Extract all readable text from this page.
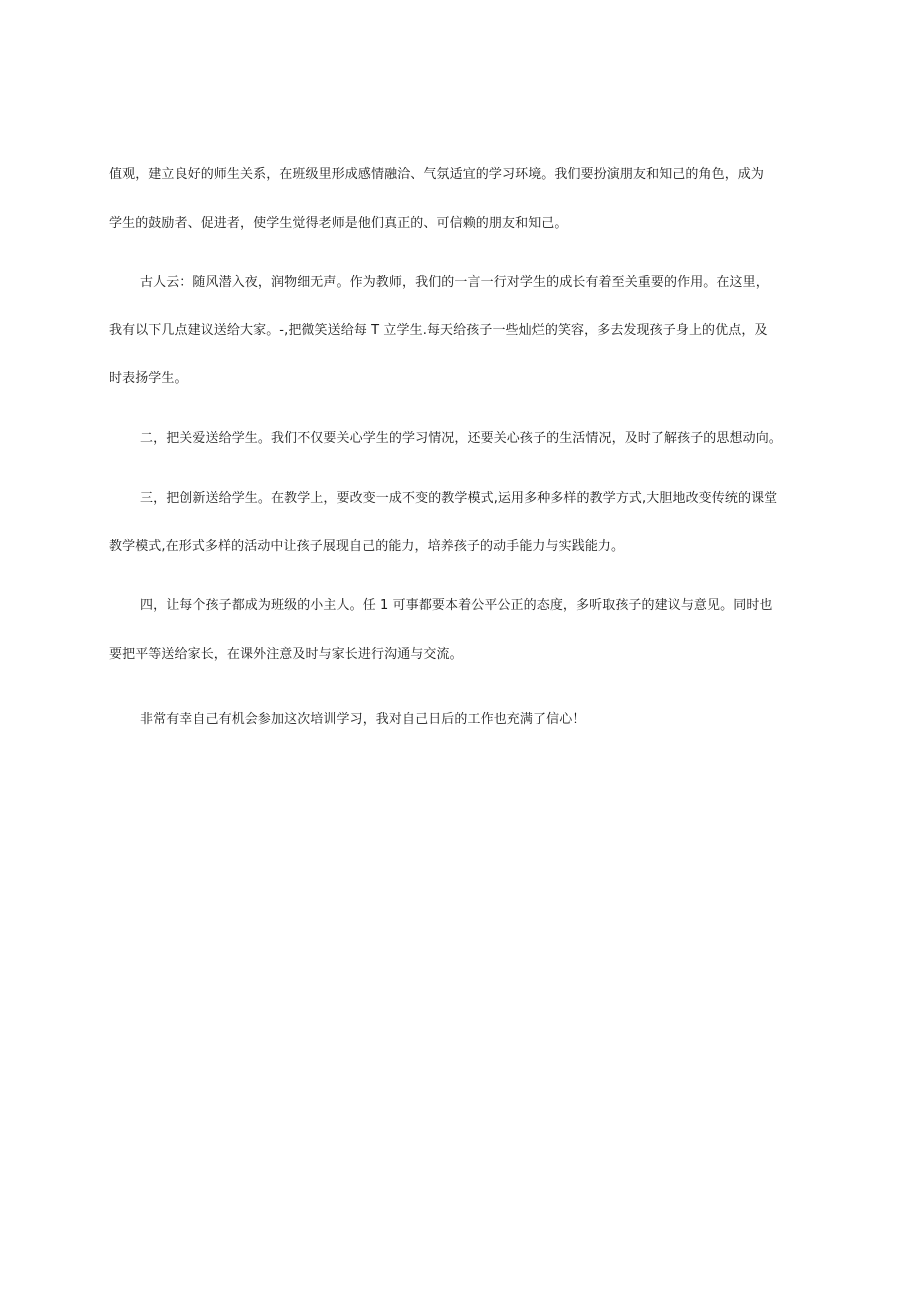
值观，建立良好的师生关系，在班级里形成感情融洽、气氛适宜的学习环境。我们要扮演朋友和知己的角色，成为
学生的鼓励者、促进者，使学生觉得老师是他们真正的、可信赖的朋友和知己。
古人云：随风潜入夜，润物细无声。作为教师，我们的一言一行对学生的成长有着至关重要的作用。在这里，
我有以下几点建议送给大家。-,把微笑送给每 T 立学生.每天给孩子一些灿烂的笑容，多去发现孩子身上的优点，及
时表扬学生。
二，把关爱送给学生。我们不仅要关心学生的学习情况，还要关心孩子的生活情况，及时了解孩子的思想动向。
三，把创新送给学生。在教学上，要改变一成不变的教学模式,运用多种多样的教学方式,大胆地改变传统的课堂
教学模式,在形式多样的活动中让孩子展现自己的能力，培养孩子的动手能力与实践能力。
四，让每个孩子都成为班级的小主人。任 1 可事都要本着公平公正的态度，多听取孩子的建议与意见。同时也
要把平等送给家长，在课外注意及时与家长进行沟通与交流。
非常有幸自己有机会参加这次培训学习，我对自己日后的工作也充满了信心！
